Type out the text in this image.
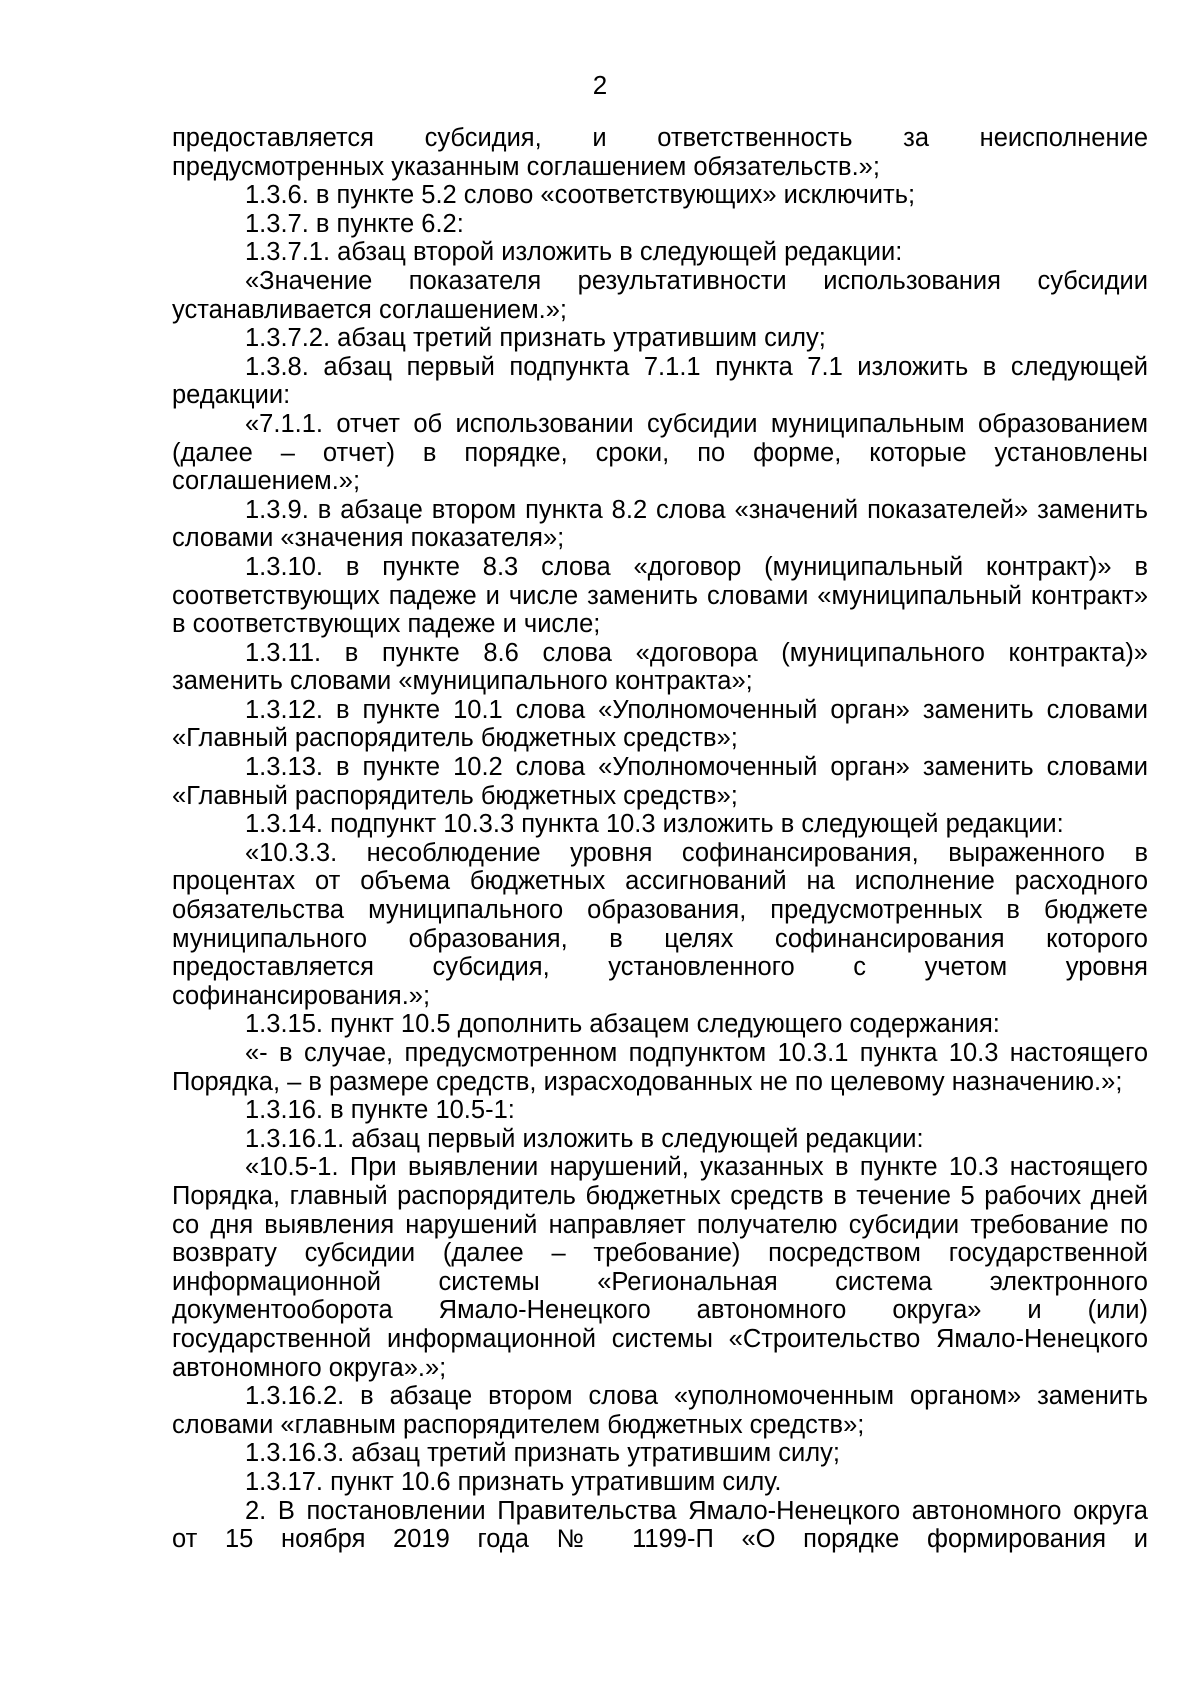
2

предоставляется субсидия, и ответственность за неисполнение предусмотренных указанным соглашением обязательств.»;

1.3.6. в пункте 5.2 слово «соответствующих» исключить;

1.3.7. в пункте 6.2:

1.3.7.1. абзац второй изложить в следующей редакции:

«Значение показателя результативности использования субсидии устанавливается соглашением.»;

1.3.7.2. абзац третий признать утратившим силу;

1.3.8. абзац первый подпункта 7.1.1 пункта 7.1 изложить в следующей редакции:

«7.1.1. отчет об использовании субсидии муниципальным образованием (далее – отчет) в порядке, сроки, по форме, которые установлены соглашением.»;

1.3.9. в абзаце втором пункта 8.2 слова «значений показателей» заменить словами «значения показателя»;

1.3.10. в пункте 8.3 слова «договор (муниципальный контракт)» в соответствующих падеже и числе заменить словами «муниципальный контракт» в соответствующих падеже и числе;

1.3.11. в пункте 8.6 слова «договора (муниципального контракта)» заменить словами «муниципального контракта»;

1.3.12. в пункте 10.1 слова «Уполномоченный орган» заменить словами «Главный распорядитель бюджетных средств»;

1.3.13. в пункте 10.2 слова «Уполномоченный орган» заменить словами «Главный распорядитель бюджетных средств»;

1.3.14. подпункт 10.3.3 пункта 10.3 изложить в следующей редакции:

«10.3.3. несоблюдение уровня софинансирования, выраженного в процентах от объема бюджетных ассигнований на исполнение расходного обязательства муниципального образования, предусмотренных в бюджете муниципального образования, в целях софинансирования которого предоставляется субсидия, установленного с учетом уровня софинансирования.»;

1.3.15. пункт 10.5 дополнить абзацем следующего содержания:

«- в случае, предусмотренном подпунктом 10.3.1 пункта 10.3 настоящего Порядка, – в размере средств, израсходованных не по целевому назначению.»;

1.3.16. в пункте 10.5-1:

1.3.16.1. абзац первый изложить в следующей редакции:

«10.5-1. При выявлении нарушений, указанных в пункте 10.3 настоящего Порядка, главный распорядитель бюджетных средств в течение 5 рабочих дней со дня выявления нарушений направляет получателю субсидии требование по возврату субсидии (далее – требование) посредством государственной информационной системы «Региональная система электронного документооборота Ямало-Ненецкого автономного округа» и (или) государственной информационной системы «Строительство Ямало-Ненецкого автономного округа».»;

1.3.16.2. в абзаце втором слова «уполномоченным органом» заменить словами «главным распорядителем бюджетных средств»;

1.3.16.3. абзац третий признать утратившим силу;

1.3.17. пункт 10.6 признать утратившим силу.

2. В постановлении Правительства Ямало-Ненецкого автономного округа от 15 ноября 2019 года № 1199-П «О порядке формирования и
